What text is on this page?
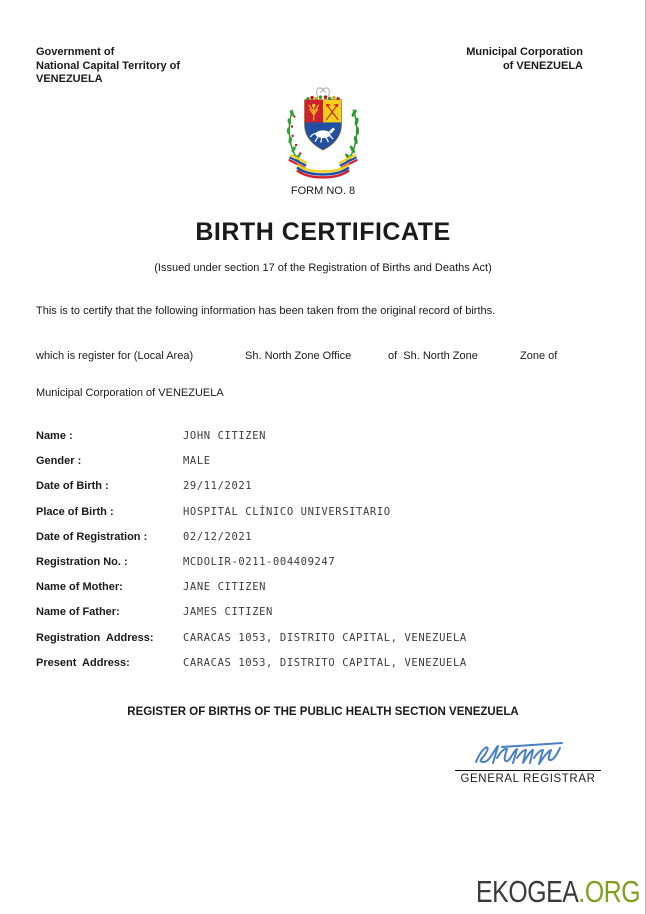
Government of
National Capital Territory of
VENEZUELA
Municipal Corporation
of VENEZUELA
FORM NO. 8
BIRTH CERTIFICATE
(Issued under section 17 of the Registration of Births and Deaths Act)
This is to certify that the following information has been taken from the original record of births.
which is register for (Local Area)	Sh. North Zone Office	of  Sh. North Zone	Zone of
Municipal Corporation of VENEZUELA
Name :	JOHN CITIZEN
Gender :	MALE
Date of Birth :	29/11/2021
Place of Birth :	HOSPITAL CLÍNICO UNIVERSITARIO
Date of Registration :	02/12/2021
Registration No. :	MCDOLIR-0211-004409247
Name of Mother:	JANE CITIZEN
Name of Father:	JAMES CITIZEN
Registration  Address:	CARACAS 1053, DISTRITO CAPITAL, VENEZUELA
Present  Address:	CARACAS 1053, DISTRITO CAPITAL, VENEZUELA
REGISTER OF BIRTHS OF THE PUBLIC HEALTH SECTION VENEZUELA
GENERAL REGISTRAR
EKOGEA.ORG
